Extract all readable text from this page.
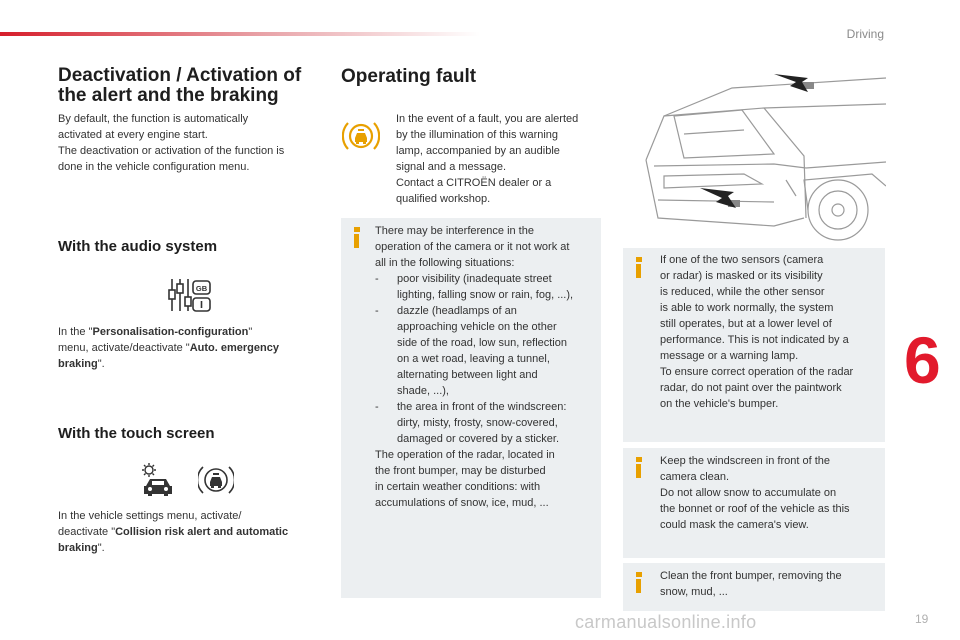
Driving
6
19
carmanualsonline.info
Deactivation / Activation of
the alert and the braking
By default, the function is automatically
activated at every engine start.
The deactivation or activation of the function is
done in the vehicle configuration menu.
With the audio system
GB
In the "Personalisation-configuration"
menu, activate/deactivate "Auto. emergency
braking".
With the touch screen
In the vehicle settings menu, activate/
deactivate "Collision risk alert and automatic
braking".
Operating fault
In the event of a fault, you are alerted
by the illumination of this warning
lamp, accompanied by an audible
signal and a message.
Contact a CITROËN dealer or a
qualified workshop.
There may be interference in the
operation of the camera or it not work at
all in the following situations:
- poor visibility (inadequate street
lighting, falling snow or rain, fog, ...),
- dazzle (headlamps of an
approaching vehicle on the other
side of the road, low sun, reflection
on a wet road, leaving a tunnel,
alternating between light and
shade, ...),
- the area in front of the windscreen:
dirty, misty, frosty, snow-covered,
damaged or covered by a sticker.
The operation of the radar, located in
the front bumper, may be disturbed
in certain weather conditions: with
accumulations of snow, ice, mud, ...
If one of the two sensors (camera
or radar) is masked or its visibility
is reduced, while the other sensor
is able to work normally, the system
still operates, but at a lower level of
performance. This is not indicated by a
message or a warning lamp.
To ensure correct operation of the radar
radar, do not paint over the paintwork
on the vehicle's bumper.
Keep the windscreen in front of the
camera clean.
Do not allow snow to accumulate on
the bonnet or roof of the vehicle as this
could mask the camera's view.
Clean the front bumper, removing the
snow, mud, ...
